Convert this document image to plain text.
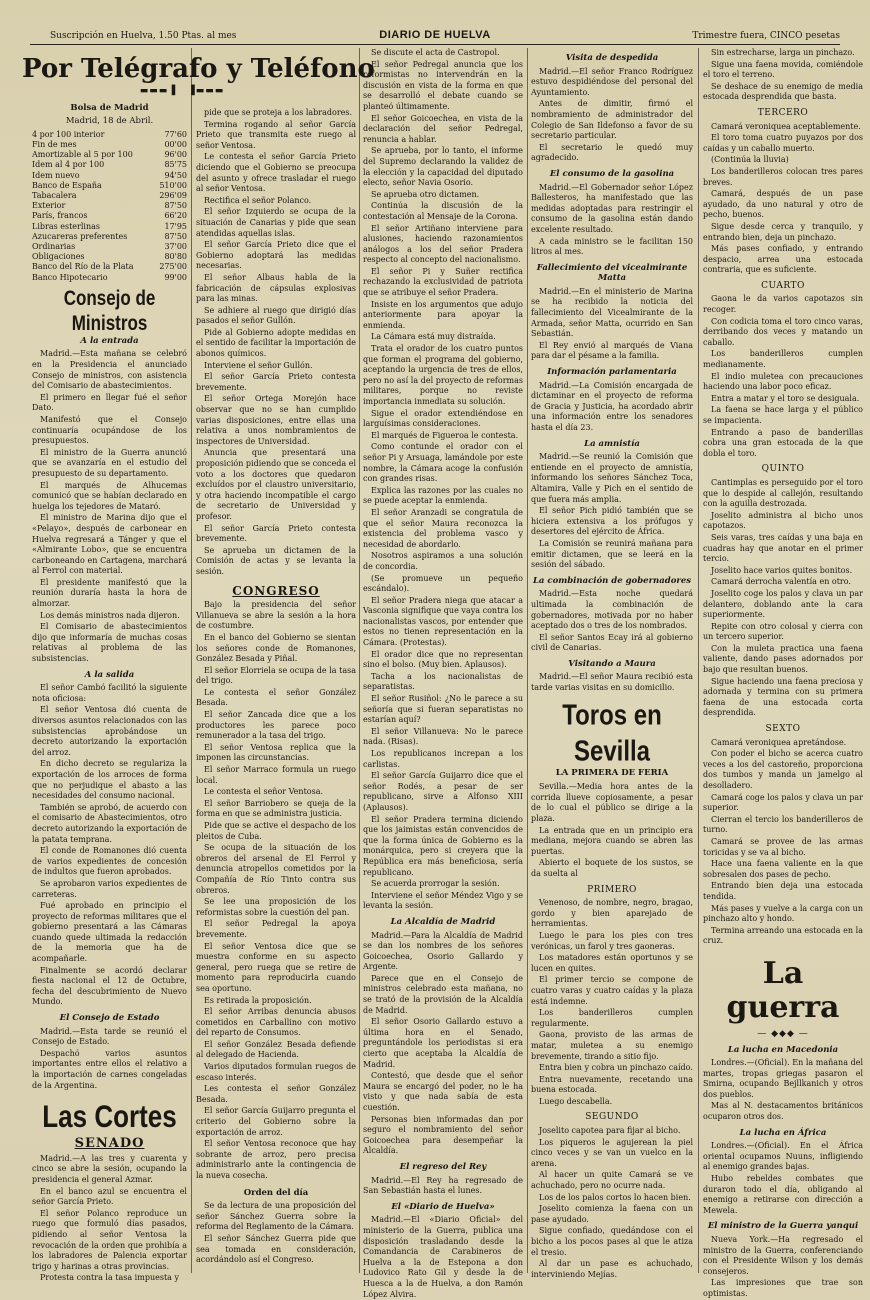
Suscripción en Huelva, 1.50 Ptas. al mes	DIARIO DE HUELVA	Trimestre fuera, CINCO pesetas
Por Telégrafo y Teléfono
▬▬▬▐   ▐▬▬▬
Bolsa de Madrid
Madrid, 18 de Abril.
4 por 100 interior	77'60
Fin de mes	00'00
Amortizable al 5 por 100	96'00
Idem al 4 por 100	85'75
Idem nuevo	94'50
Banco de España	510'00
Tabacalera	296'09
Exterior	87'50
París, francos	66'20
Libras esterlinas	17'95
Azucareras preferentes	87'50
Ordinarias	37'00
Obligaciones	80'80
Banco del Río de la Plata	275'00
Banco Hipotecario	99'00
Consejo de Ministros
A la entrada

Madrid.—Esta mañana se celebró en la Presidencia el anunciado Consejo de ministros, con asistencia del Comisario de abastecimientos.

El primero en llegar fué el señor Dato.

Manifestó que el Consejo continuaría ocupándose de los presupuestos.

El ministro de la Guerra anunció que se avanzaría en el estudio del presupuesto de su departamento.

El marqués de Alhucemas comunicó que se habían declarado en huelga los tejedores de Mataró.

El ministro de Marina dijo que el «Pelayo», después de carbonear en Huelva regresará a Tánger y que el «Almirante Lobo», que se encuentra carboneando en Cartagena, marchará al Ferrol con material.

El presidente manifestó que la reunión duraría hasta la hora de almorzar.

Los demás ministros nada dijeron.

El Comisario de abastecimientos dijo que informaría de muchas cosas relativas al problema de las subsistencias.

A la salida

El señor Cambó facilitó la siguiente nota oficiosa:

El señor Ventosa dió cuenta de diversos asuntos relacionados con las subsistencias aprobándose un decreto autorizando la exportación del arroz.

En dicho decreto se regulariza la exportación de los arroces de forma que no perjudique el abasto a las necesidades del consumo nacional.

También se aprobó, de acuerdo con el comisario de Abastecimientos, otro decreto autorizando la exportación de la patata temprana.

El conde de Romanones dió cuenta de varios expedientes de concesión de indultos que fueron aprobados.

Se aprobaron varios expedientes de carreteras.

Fué aprobado en principio el proyecto de reformas militares que el gobierno presentará a las Cámaras cuando quede ultimada la redacción de la memoria que ha de acompañarle.

Finalmente se acordó declarar fiesta nacional el 12 de Octubre, fecha del descubrimiento de Nuevo Mundo.

El Consejo de Estado

Madrid.—Esta tarde se reunió el Consejo de Estado.

Despachó varios asuntos importantes entre ellos el relativo a la importación de carnes congeladas de la Argentina.

Las Cortes
SENADO

Madrid.—A las tres y cuarenta y cinco se abre la sesión, ocupando la presidencia el general Azmar.

En el banco azul se encuentra el señor García Prieto.

El señor Polanco reproduce un ruego que formuló días pasados, pidiendo al señor Ventosa la revocación de la orden que prohibía a los labradores de Palencia exportar trigo y harinas a otras provincias.

Protesta contra la tasa impuesta y

pide que se proteja a los labradores.

Termina rogando al señor García Prieto que transmita este ruego al señor Ventosa.

Le contesta el señor García Prieto diciendo que el Gobierno se preocupa del asunto y ofrece trasladar el ruego al señor Ventosa.

Rectifica el señor Polanco.

El señor Izquierdo se ocupa de la situación de Canarias y pide que sean atendidas aquellas islas.

El señor García Prieto dice que el Gobierno adoptará las medidas necesarias.

El señor Albaus habla de la fabricación de cápsulas explosivas para las minas.

Se adhiere al ruego que dirigió días pasados el señor Gullón.

Pide al Gobierno adopte medidas en el sentido de facilitar la importación de abonos químicos.

Interviene el señor Gullón.

El señor García Prieto contesta brevemente.

El señor Ortega Morejón hace observar que no se han cumplido varias disposiciones, entre ellas una relativa a unos nombramientos de inspectores de Universidad.

Anuncia que presentará una proposición pidiendo que se conceda el voto a los doctores que quedaron excluídos por el claustro universitario, y otra haciendo incompatible el cargo de secretario de Universidad y profesor.

El señor García Prieto contesta brevemente.

Se aprueba un dictamen de la Comisión de actas y se levanta la sesión.

CONGRESO

Bajo la presidencia del señor Villanueva se abre la sesión a la hora de costumbre.

En el banco del Gobierno se sientan los señores conde de Romanones, González Besada y Piñal.

El señor Elorriela se ocupa de la tasa del trigo.

Le contesta el señor González Besada.

El señor Zancada dice que a los productores les parece poco remunerador a la tasa del trigo.

El señor Ventosa replica que la imponen las circunstancias.

El señor Marraco formula un ruego local.

Le contesta el señor Ventosa.

El señor Barriobero se queja de la forma en que se administra justicia.

Pide que se active el despacho de los pleitos de Cuba.

Se ocupa de la situación de los obreros del arsenal de El Ferrol y denuncia atropellos cometidos por la Compañía de Río Tinto contra sus obreros.

Se lee una proposición de los reformistas sobre la cuestión del pan.

El señor Pedregal la apoya brevemente.

El señor Ventosa dice que se muestra conforme en su aspecto general, pero ruega que se retire de momento para reproducirla cuando sea oportuno.

Es retirada la proposición.

El señor Arribas denuncia abusos cometidos en Carballino con motivo del reparto de Consumos.

El señor González Besada defiende al delegado de Hacienda.

Varios diputados formulan ruegos de escaso interés.

Les contesta el señor González Besada.

El señor García Guijarro pregunta el criterio del Gobierno sobre la exportación de arroz.

El señor Ventosa reconoce que hay sobrante de arroz, pero precisa administrarlo ante la contingencia de la nueva cosecha.

Orden del día

Se da lectura de una proposición del señor Sánchez Guerra sobre la reforma del Reglamento de la Cámara.

El señor Sánchez Guerra pide que sea tomada en consideración, acordándolo así el Congreso.

Se discute el acta de Castropol.

El señor Pedregal anuncia que los reformistas no intervendrán en la discusión en vista de la forma en que se desarrolló el debate cuando se planteó últimamente.

El señor Goicoechea, en vista de la declaración del señor Pedregal, renuncia a hablar.

Se aprueba, por lo tanto, el informe del Supremo declarando la validez de la elección y la capacidad del diputado electo, señor Navia Osorio.

Se aprueba otro dictamen.

Continúa la discusión de la contestación al Mensaje de la Corona.

El señor Artiñano interviene para alusiones, haciendo razonamientos análogos a los del señor Pradera respecto al concepto del nacionalismo.

El señor Pi y Suñer rectifica rechazando la exclusividad de patriota que se atribuye el señor Pradera.

Insiste en los argumentos que adujo anteriormente para apoyar la enmienda.

La Cámara está muy distraída.

Trata el orador de los cuatro puntos que forman el programa del gobierno, aceptando la urgencia de tres de ellos, pero no así la del proyecto de reformas militares, porque no reviste importancia inmediata su solución.

Sigue el orador extendiéndose en larguísimas consideraciones.

El marqués de Figueroa le contesta.

Como contunde el orador con el señor Pi y Arsuaga, lamándole por este nombre, la Cámara acoge la confusión con grandes risas.

Explica las razones por las cuales no se puede aceptar la enmienda.

El señor Aranzadi se congratula de que el señor Maura reconozca la existencia del problema vasco y necesidad de abordarlo.

Nosotros aspiramos a una solución de concordia.

(Se promueve un pequeño escándalo).

El señor Pradera niega que atacar a Vasconia signifique que vaya contra los nacionalistas vascos, por entender que estos no tienen representación en la Cámara. (Protestas).

El orador dice que no representan sino el bolso. (Muy bien. Aplausos).

Tacha a los nacionalistas de separatistas.

El señor Rusiñol: ¿No le parece a su señoría que si fueran separatistas no estarían aquí?

El señor Villanueva: No le parece nada. (Risas).

Los republicanos increpan a los carlistas.

El señor García Guijarro dice que el señor Rodés, a pesar de ser republicano, sirve a Alfonso XIII (Aplausos).

El señor Pradera termina diciendo que los jaimistas están convencidos de que la forma única de Gobierno es la monárquica, pero si creyera que la República era más beneficiosa, sería republicano.

Se acuerda prorrogar la sesión.

Interviene el señor Méndez Vigo y se levanta la sesión.

La Alcaldía de Madrid

Madrid.—Para la Alcaldía de Madrid se dan los nombres de los señores Goicoechea, Osorio Gallardo y Argente.

Parece que en el Consejo de ministros celebrado esta mañana, no se trató de la provisión de la Alcaldía de Madrid.

El señor Osorio Gallardo estuvo a última hora en el Senado, preguntándole los periodistas si era cierto que aceptaba la Alcaldía de Madrid.

Contestó, que desde que el señor Maura se encargó del poder, no le ha visto y que nada sabía de esta cuestión.

Personas bien informadas dan por seguro el nombramiento del señor Goicoechea para desempeñar la Alcaldía.

El regreso del Rey

Madrid.—El Rey ha regresado de San Sebastián hasta el lunes.

El «Diario de Huelva»

Madrid.—El «Diario Oficial» del ministerio de la Guerra, publica una disposición trasladando desde la Comandancia de Carabineros de Huelva a la de Estepona a don Ludovico Rato Gil y desde la de Huesca a la de Huelva, a don Ramón López Alvira.

Visita de despedida

Madrid.—El señor Franco Rodríguez estuvo despidiéndose del personal del Ayuntamiento.

Antes de dimitir, firmó el nombramiento de administrador del Colegio de San Ildefonso a favor de su secretario particular.

El secretario le quedó muy agradecido.

El consumo de la gasolina

Madrid.—El Gobernador señor López Ballesteros, ha manifestado que las medidas adoptadas para restringir el consumo de la gasolina están dando excelente resultado.

A cada ministro se le facilitan 150 litros al mes.

Fallecimiento del vicealmirante Matta

Madrid.—En el ministerio de Marina se ha recibido la noticia del fallecimiento del Vicealmirante de la Armada, señor Matta, ocurrido en San Sebastián.

El Rey envió al marqués de Viana para dar el pésame a la familia.

Información parlamentaria

Madrid.—La Comisión encargada de dictaminar en el proyecto de reforma de Gracia y Justicia, ha acordado abrir una información entre los senadores hasta el día 23.

La amnistía

Madrid.—Se reunió la Comisión que entiende en el proyecto de amnistía, informando los señores Sánchez Toca, Altamira, Valle y Pich en el sentido de que fuera más amplia.

El señor Pich pidió también que se hiciera extensiva a los prófugos y desertores del ejército de África.

La Comisión se reunirá mañana para emitir dictamen, que se leerá en la sesión del sábado.

La combinación de gobernadores

Madrid.—Esta noche quedará ultimada la combinación de gobernadores, motivada por no haber aceptado dos o tres de los nombrados.

El señor Santos Ecay irá al gobierno civil de Canarias.

Visitando a Maura

Madrid.—El señor Maura recibió esta tarde varias visitas en su domicilio.

Toros en Sevilla
LA PRIMERA DE FERIA

Sevilla.—Media hora antes de la corrida llueve copiosamente, a pesar de lo cual el público se dirige a la plaza.

La entrada que en un principio era mediana, mejora cuando se abren las puertas.

Abierto el boquete de los sustos, se da suelta al

PRIMERO

Venenoso, de nombre, negro, bragao, gordo y bien aparejado de herramientas.

Luego le para los pies con tres verónicas, un farol y tres gaoneras.

Los matadores están oportunos y se lucen en quites.

El primer tercio se compone de cuatro varas y cuatro caídas y la plaza está indemne.

Los banderilleros cumplen regularmente.

Gaona, provisto de las armas de matar, muletea a su enemigo brevemente, tirando a sitio fijo.

Entra bien y cobra un pinchazo caído.

Entra nuevamente, recetando una buena estocada.

Luego descabella.

SEGUNDO

Joselito capotea para fijar al bicho.

Los piqueros le agujerean la piel cinco veces y se van un vuelco en la arena.

Al hacer un quite Camará se ve achuchado, pero no ocurre nada.

Los de los palos cortos lo hacen bien.

Joselito comienza la faena con un pase ayudado.

Sigue confiado, quedándose con el bicho a los pocos pases al que le atiza el tresio.

Al dar un pase es achuchado, interviniendo Mejías.

Sin estrecharse, larga un pinchazo.

Sigue una faena movida, comiéndole el toro el terreno.

Se deshace de su enemigo de media estocada desprendida que basta.

TERCERO

Camará veroniquea aceptablemente.

El toro toma cuatro puyazos por dos caídas y un caballo muerto.

(Continúa la lluvia)

Los banderilleros colocan tres pares breves.

Camará, después de un pase ayudado, da uno natural y otro de pecho, buenos.

Sigue desde cerca y tranquilo, y entrando bien, deja un pinchazo.

Más pases confiado, y entrando despacio, arrea una estocada contraria, que es suficiente.

CUARTO

Gaona le da varios capotazos sin recoger.

Con codicia toma el toro cinco varas, derribando dos veces y matando un caballo.

Los banderilleros cumplen medianamente.

El indio muletea con precauciones haciendo una labor poco eficaz.

Entra a matar y el toro se desiguala.

La faena se hace larga y el público se impacienta.

Entrando a paso de banderillas cobra una gran estocada de la que dobla el toro.

QUINTO

Cantimplas es perseguido por el toro que lo despide al callejón, resultando con la aguilla destrozada.

Joselito administra al bicho unos capotazos.

Seis varas, tres caídas y una baja en cuadras hay que anotar en el primer tercio.

Joselito hace varios quites bonitos.

Camará derrocha valentía en otro.

Joselito coge los palos y clava un par delantero, doblando ante la cara superiormente.

Repite con otro colosal y cierra con un tercero superior.

Con la muleta practica una faena valiente, dando pases adornados por bajo que resultan buenos.

Sigue haciendo una faena preciosa y adornada y termina con su primera faena de una estocada corta desprendida.

SEXTO

Camará veroniquea apretándose.

Con poder el bicho se acerca cuatro veces a los del castoreño, proporciona dos tumbos y manda un jamelgo al desolladero.

Camará coge los palos y clava un par superior.

Cierran el tercio los banderilleros de turno.

Camará se provee de las armas toricidas y se va al bicho.

Hace una faena valiente en la que sobresalen dos pases de pecho.

Entrando bien deja una estocada tendida.

Más pases y vuelve a la carga con un pinchazo alto y hondo.

Termina arreando una estocada en la cruz.

La guerra
— ◆◆◆ —
La lucha en Macedonia

Londres.—(Oficial). En la mañana del martes, tropas griegas pasaron el Smirna, ocupando Bejllkanich y otros dos pueblos.

Mas al N. destacamentos británicos ocuparon otros dos.

La lucha en África

Londres.—(Oficial). En el África oriental ocupamos Nuuns, infligiendo al enemigo grandes bajas.

Hubo rebeldes combates que duraron todo el día, obligando al enemigo a retirarse con dirección a Mewela.

El ministro de la Guerra yanqui

Nueva York.—Ha regresado el ministro de la Guerra, conferenciando con el Presidente Wilson y los demás consejeros.

Las impresiones que trae son optimistas.
